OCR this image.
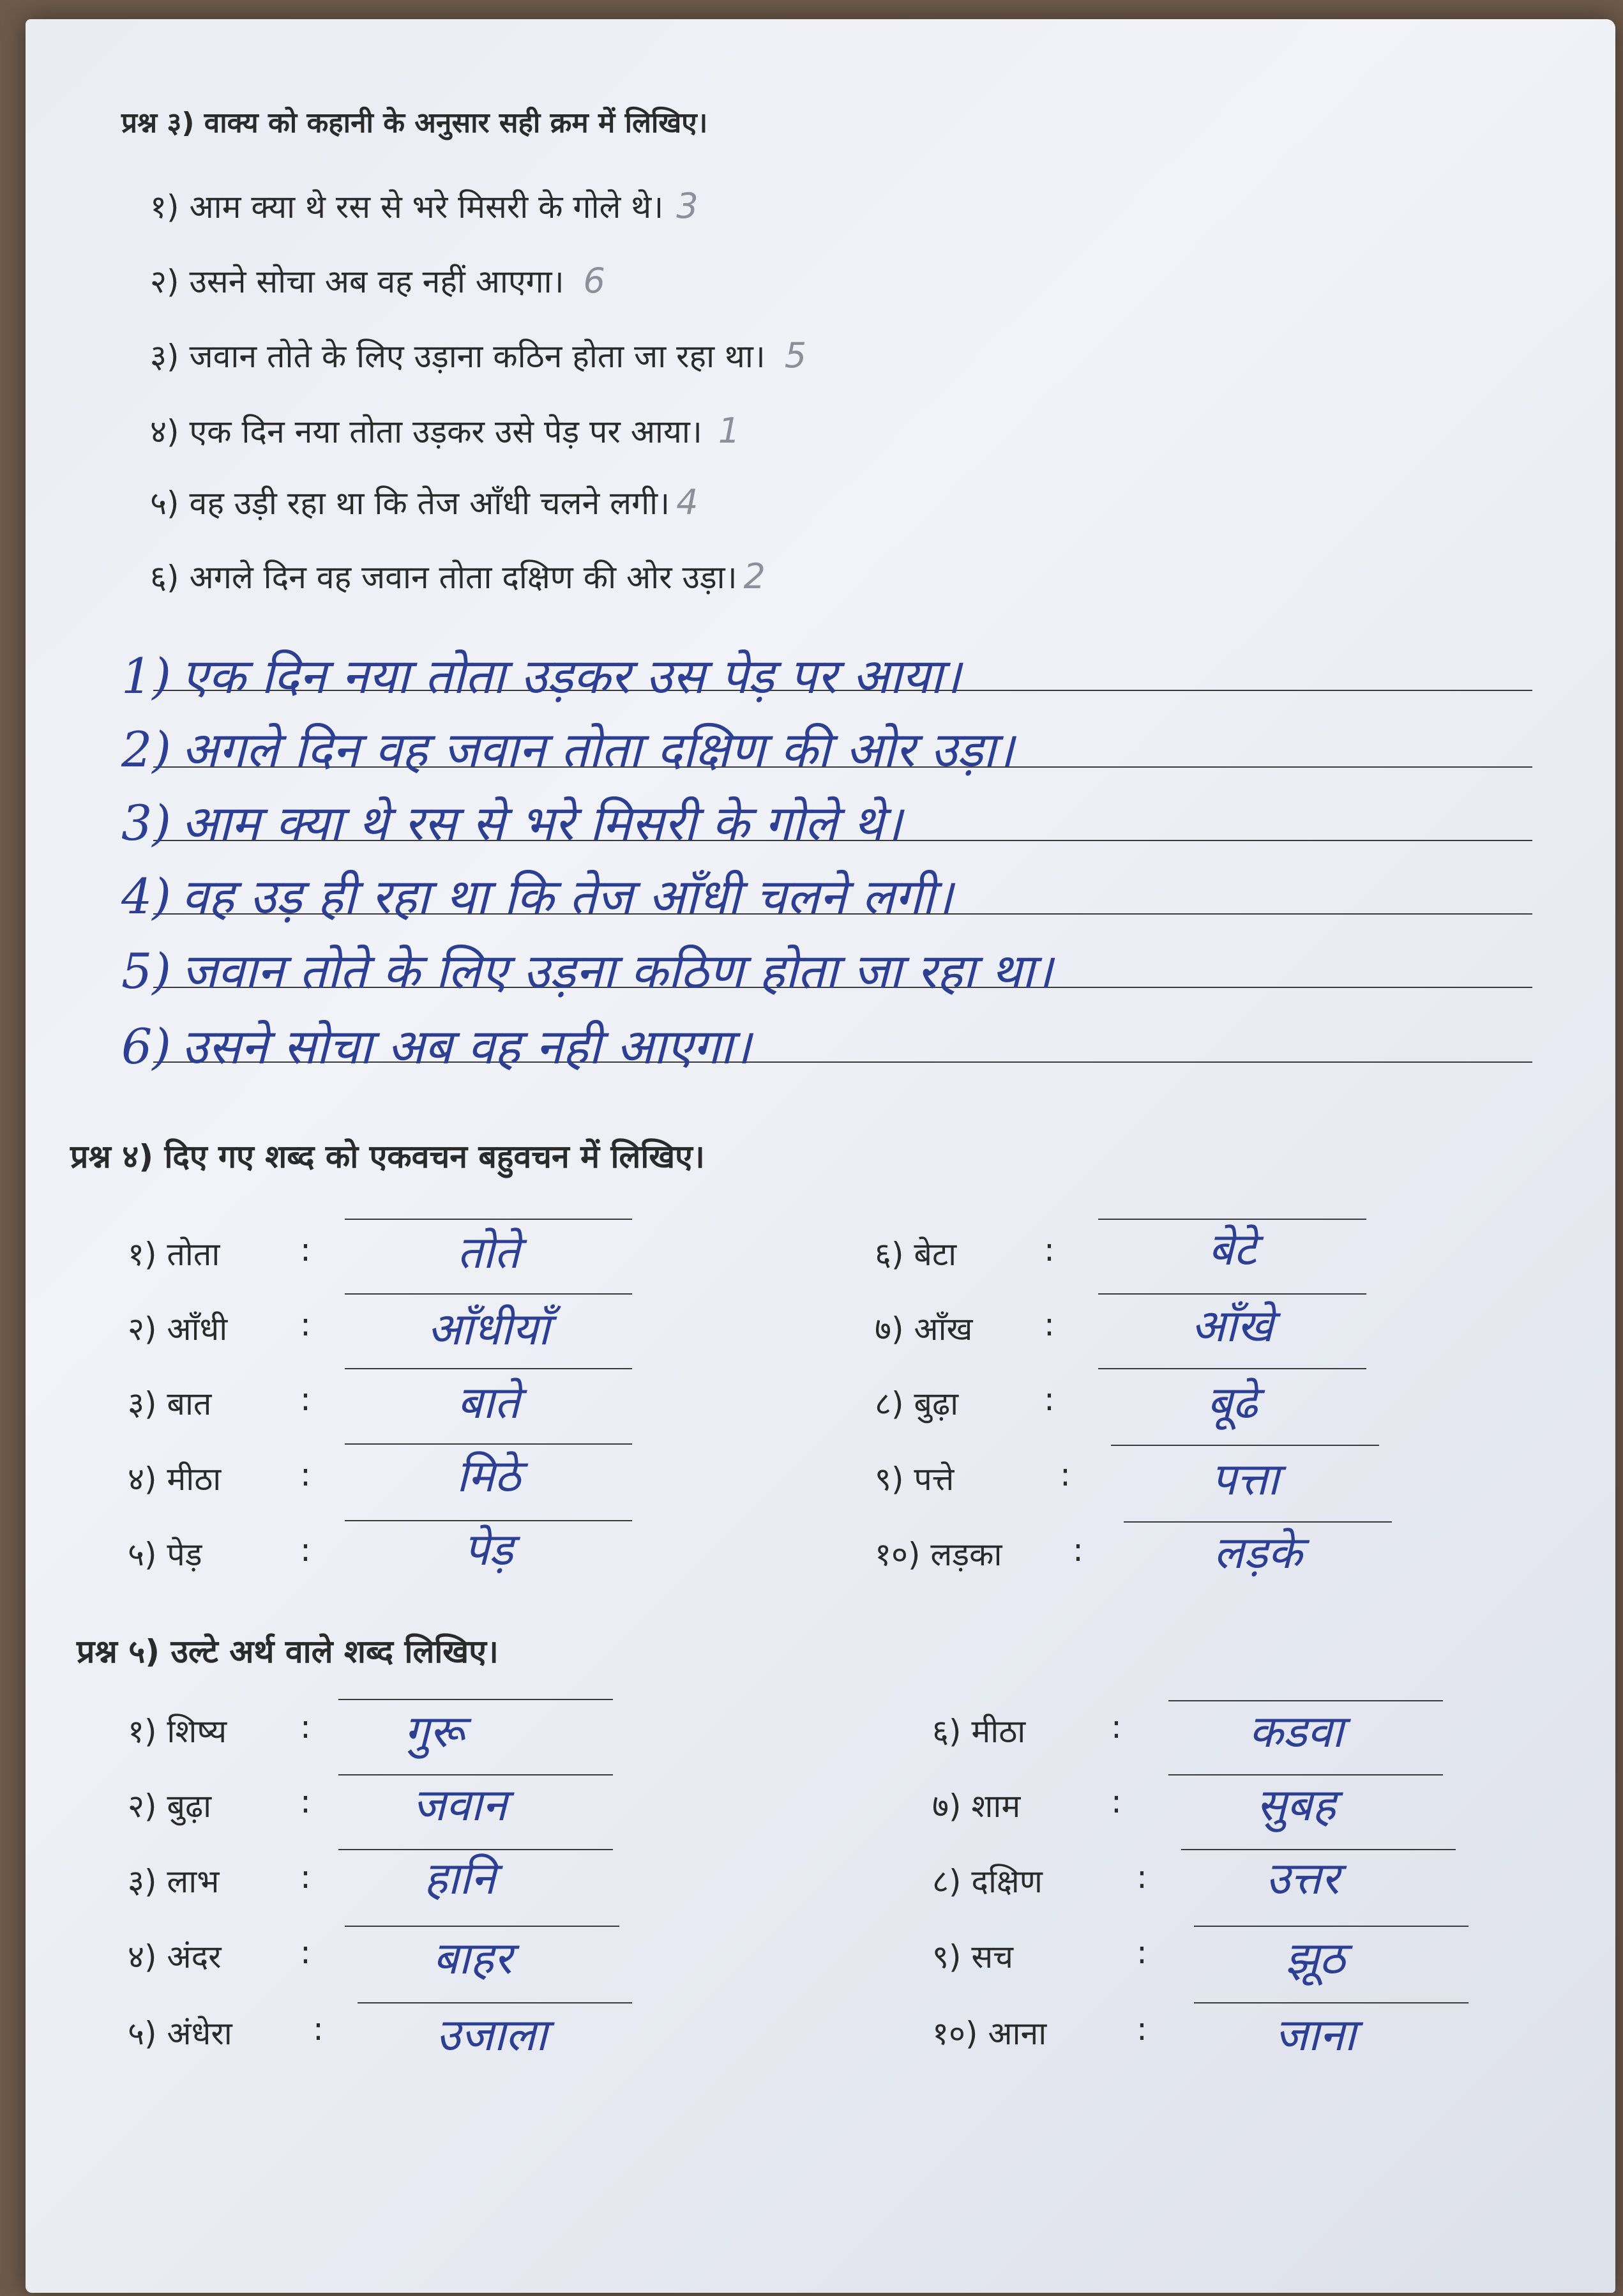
प्रश्न ३) वाक्य को कहानी के अनुसार सही क्रम में लिखिए।
१) आम क्या थे रस से भरे मिसरी के गोले थे। 3
२) उसने सोचा अब वह नहीं आएगा। 6
३) जवान तोते के लिए उड़ाना कठिन होता जा रहा था। 5
४) एक दिन नया तोता उड़कर उसे पेड़ पर आया। 1
५) वह उड़ी रहा था कि तेज आँधी चलने लगी। 4
६) अगले दिन वह जवान तोता दक्षिण की ओर उड़ा। 2
1) एक दिन नया तोता उड़कर उस पेड़ पर आया।
2) अगले दिन वह जवान तोता दक्षिण की ओर उड़ा।
3) आम क्या थे रस से भरे मिसरी के गोले थे।
4) वह उड़ ही रहा था कि तेज आँधी चलने लगी।
5) जवान तोते के लिए उड़ना कठिण होता जा रहा था।
6) उसने सोचा अब वह नही आएगा।
प्रश्न ४) दिए गए शब्द को एकवचन बहुवचन में लिखिए।
१) तोता	:	तोते
२) आँधी :	आँधीयाँ
३) बात	:	बाते
४) मीठा :	मिठे
५) पेड़	:	पेड़
६) बेटा	:	बेटे
७) आँख :	आँखे
८) बुढ़ा	:	बूढे
९) पत्ते	:	पत्ता
१०) लड़का :	लड़के
प्रश्न ५) उल्टे अर्थ वाले शब्द लिखिए।
१) शिष्य :	गुरू
२) बुढ़ा	:	जवान
३) लाभ	:	हानि
४) अंदर :	बाहर
५) अंधेरा	:	उजाला
६) मीठा	:	कडवा
७) शाम	:	सुबह
८) दक्षिण	:	उत्तर
९) सच	:	झूठ
१०) आना	:	जाना
